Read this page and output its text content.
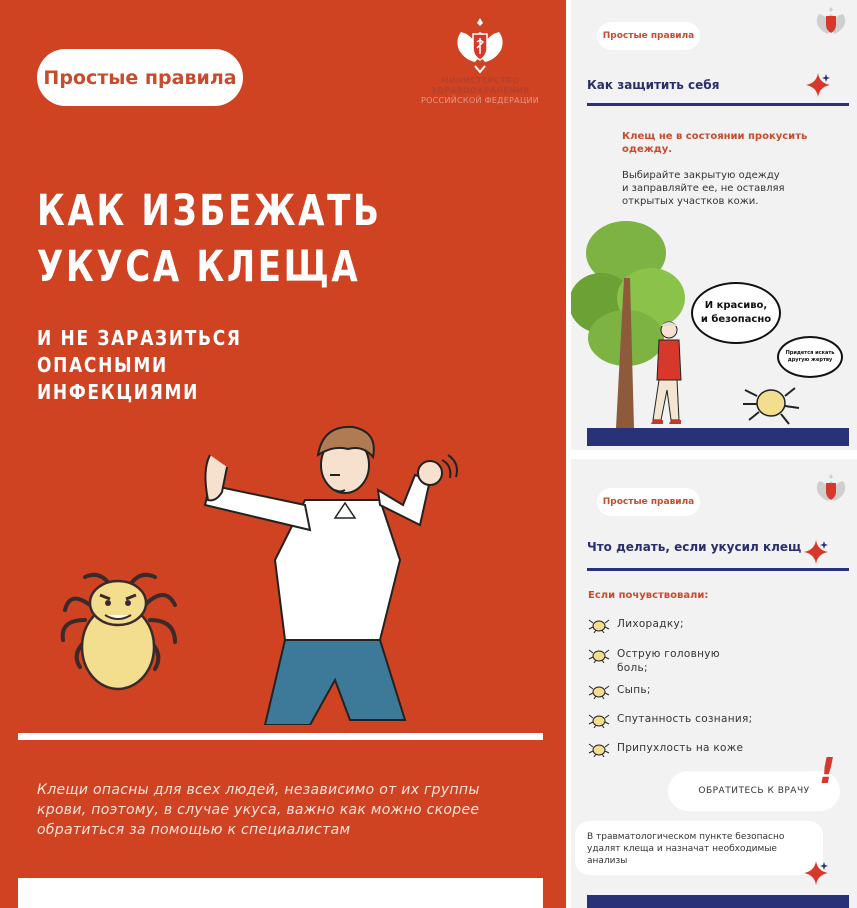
Простые правила	МИНИСТЕРСТВО
ЗДРАВООХРАНЕНИЯ
РОССИЙСКОЙ ФЕДЕРАЦИИ
КАК ИЗБЕЖАТЬ
УКУСА КЛЕЩА
И НЕ ЗАРАЗИТЬСЯ
ОПАСНЫМИ
ИНФЕКЦИЯМИ
Клещи опасны для всех людей, независимо от их группы крови, поэтому, в случае укуса, важно как можно скорее обратиться за помощью к специалистам
Простые правила
Как защитить себя
Клещ не в состоянии прокусить
одежду.
Выбирайте закрытую одежду
и заправляйте ее, не оставляя
открытых участков кожи.
И красиво,
и безопасно
Придется искать другую жертву
Простые правила
Что делать, если укусил клещ
Если почувствовали:
Лихорадку;
Острую головную боль;
Сыпь;
Спутанность сознания;
Припухлость на коже
ОБРАТИТЕСЬ К ВРАЧУ !
В травматологическом пункте безопасно удалят клеща и назначат необходимые анализы
